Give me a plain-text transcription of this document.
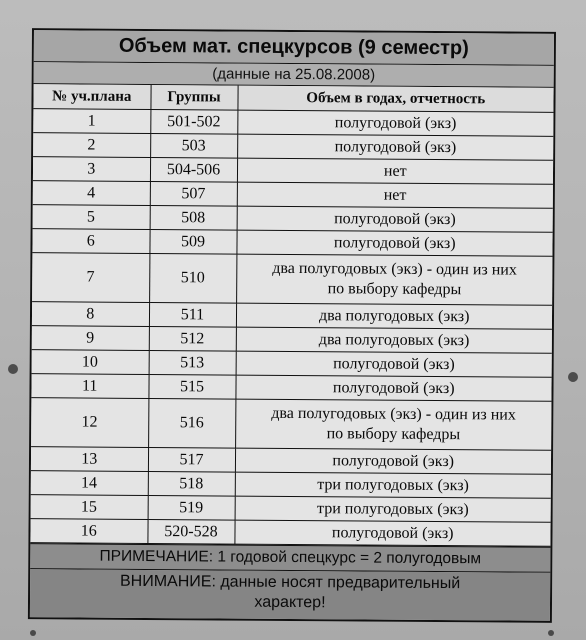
Объем мат. спецкурсов (9 семестр)
(данные на 25.08.2008)
№ уч.плана	Группы	Объем в годах, отчетность
1	501-502	полугодовой (экз)
2	503	полугодовой (экз)
3	504-506	нет
4	507	нет
5	508	полугодовой (экз)
6	509	полугодовой (экз)
7	510	два полугодовых (экз) - один из них
по выбору кафедры

8	511	два полугодовых (экз)
9	512	два полугодовых (экз)
10	513	полугодовой (экз)
11	515	полугодовой (экз)
12	516	два полугодовых (экз) - один из них
по выбору кафедры

13	517	полугодовой (экз)
14	518	три полугодовых (экз)
15	519	три полугодовых (экз)
16	520-528	полугодовой (экз)
ПРИМЕЧАНИЕ: 1 годовой спецкурс = 2 полугодовым
ВНИМАНИЕ: данные носят предварительный
характер!
